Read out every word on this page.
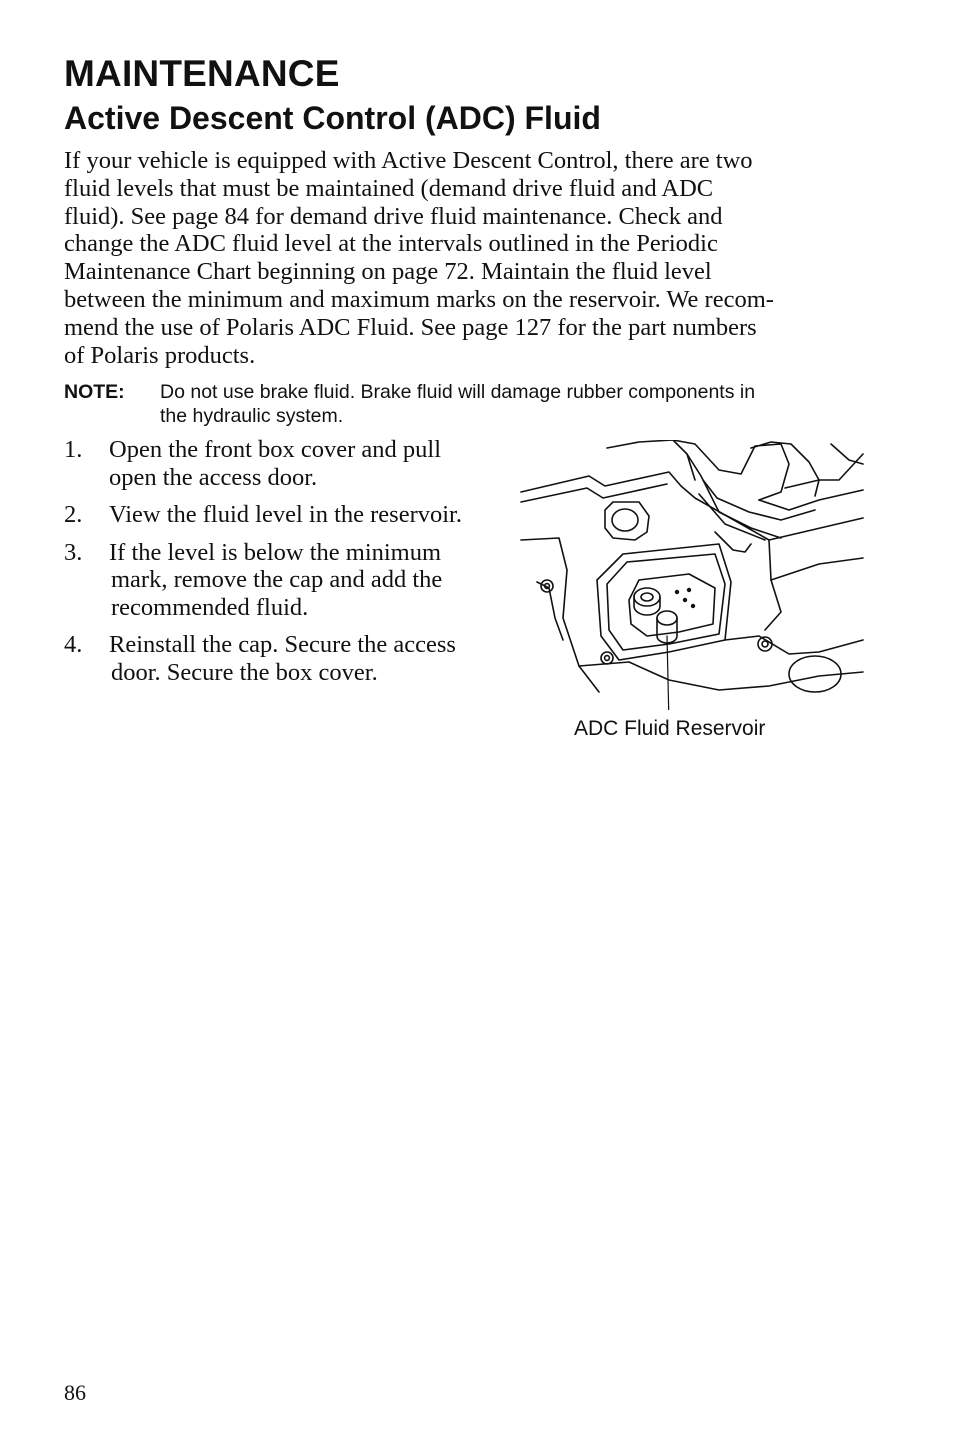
MAINTENANCE
Active Descent Control (ADC) Fluid

If your vehicle is equipped with Active Descent Control, there are two
fluid levels that must be maintained (demand drive fluid and ADC
fluid). See page 84 for demand drive fluid maintenance. Check and
change the ADC fluid level at the intervals outlined in the Periodic
Maintenance Chart beginning on page 72. Maintain the fluid level
between the minimum and maximum marks on the reservoir. We recom-
mend the use of Polaris ADC Fluid. See page 127 for the part numbers
of Polaris products.

NOTE: Do not use brake fluid. Brake fluid will damage rubber components in
the hydraulic system.
1. Open the front box cover and pull
open the access door.
2. View the fluid level in the reservoir.
3. If the level is below the minimum
mark, remove the cap and add the
recommended fluid.
4. Reinstall the cap. Secure the access
door. Secure the box cover.
ADC Fluid Reservoir
86
